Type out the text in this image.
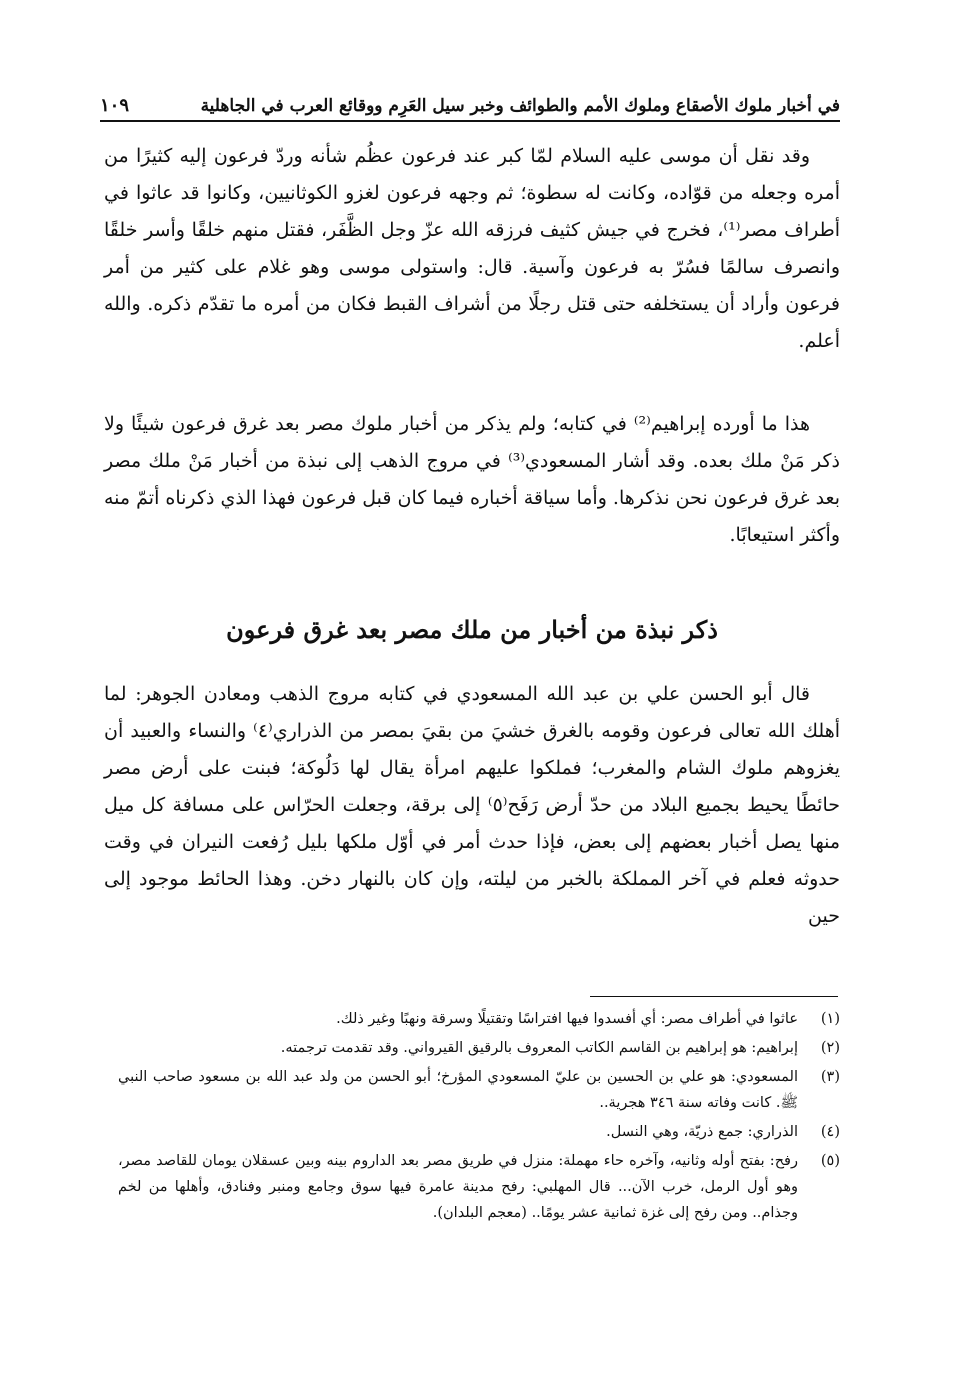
في أخبار ملوك الأصقاع وملوك الأمم والطوائف وخبر سيل العَرِم ووقائع العرب في الجاهلية
١٠٩

وقد نقل أن موسى عليه السلام لمّا كبر عند فرعون عظُم شأنه وردّ فرعون إليه كثيرًا من أمره وجعله من قوّاده، وكانت له سطوة؛ ثم وجهه فرعون لغزو الكوثانيين، وكانوا قد عاثوا في أطراف مصر⁽¹⁾، فخرج في جيش كثيف فرزقه الله عزّ وجل الظَّفَر، فقتل منهم خلقًا وأسر خلقًا وانصرف سالمًا فسُرّ به فرعون وآسية. قال: واستولى موسى وهو غلام على كثير من أمر فرعون وأراد أن يستخلفه حتى قتل رجلًا من أشراف القبط فكان من أمره ما تقدّم ذكره. والله أعلم.

هذا ما أورده إبراهيم⁽²⁾ في كتابه؛ ولم يذكر من أخبار ملوك مصر بعد غرق فرعون شيئًا ولا ذكر مَنْ ملك بعده. وقد أشار المسعودي⁽³⁾ في مروج الذهب إلى نبذة من أخبار مَنْ ملك مصر بعد غرق فرعون نحن نذكرها. وأما سياقة أخباره فيما كان قبل فرعون فهذا الذي ذكرناه أتمّ منه وأكثر استيعابًا.

ذكر نبذة من أخبار من ملك مصر بعد غرق فرعون

قال أبو الحسن علي بن عبد الله المسعودي في كتابه مروج الذهب ومعادن الجوهر: لما أهلك الله تعالى فرعون وقومه بالغرق خشيَ من بقيَ بمصر من الذراري⁽٤⁾ والنساء والعبيد أن يغزوهم ملوك الشام والمغرب؛ فملكوا عليهم امرأة يقال لها دَلُوكة؛ فبنت على أرض مصر حائطًا يحيط بجميع البلاد من حدّ أرض رَفَح⁽٥⁾ إلى برقة، وجعلت الحرّاس على مسافة كل ميل منها يصل أخبار بعضهم إلى بعض، فإذا حدث أمر في أوّل ملكها بليل رُفعت النيران في وقت حدوثه فعلم في آخر المملكة بالخبر من ليلته، وإن كان بالنهار دخن. وهذا الحائط موجود إلى حين

(١)
عاثوا في أطراف مصر: أي أفسدوا فيها افتراسًا وتقتيلًا وسرقة ونهبًا وغير ذلك.
(٢)
إبراهيم: هو إبراهيم بن القاسم الكاتب المعروف بالرقيق القيرواني. وقد تقدمت ترجمته.
(٣)
المسعودي: هو علي بن الحسين بن عليّ المسعودي المؤرخ؛ أبو الحسن من ولد عبد الله بن مسعود صاحب النبي ﷺ. كانت وفاته سنة ٣٤٦ هجرية..
(٤)
الذراري: جمع ذريّة، وهي النسل.
(٥)
رفح: بفتح أوله وثانيه، وآخره حاء مهملة: منزل في طريق مصر بعد الداروم بينه وبين عسقلان يومان للقاصد مصر، وهو أول الرمل، خرب الآن... قال المهلبي: رفح مدينة عامرة فيها سوق وجامع ومنبر وفنادق، وأهلها من لخم وجذام.. ومن رفح إلى غزة ثمانية عشر يومًا.. (معجم البلدان).
